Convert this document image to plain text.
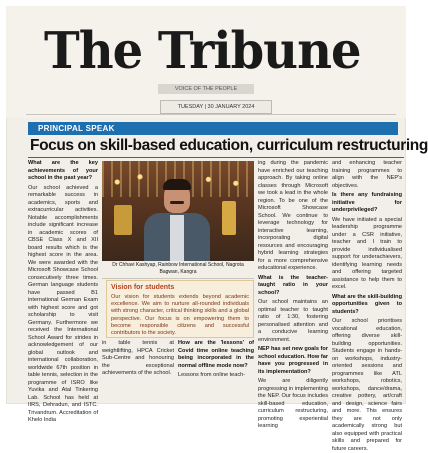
The Tribune
VOICE OF THE PEOPLE
TUESDAY | 30 JANUARY 2024
PRINCIPAL SPEAK
Focus on skill-based education, curriculum restructuring

What are the key achievements of your school in the past year?

Our school achieved a remarkable success in academics, sports and extracurricular activities. Notable accomplishments include significant increase in academic scores of CBSE Class X and XII board results which is the highest score in the area. We were awarded with the Microsoft Showcase School consecutively three times. German language students have passed B1 international German Exam with highest score and got scholarship to visit Germany. Furthermore we received the International School Award for strides in acknowledgement of our global outlook and international collaboration, worldwide 67th position in table tennis, selection in the programme of ISRO like Yuvika and Atal Tinkering Lab. School has held at IIRS, Dehradun, and ISTC. Trivandrum. Accreditation of Khelo India

Dr Chhavi Kashyap, Rainbow International School, Nagrota Bagwan, Kangra
Vision for students
Our vision for students extends beyond academic excellence. We aim to nurture all-rounded individuals with strong character, critical thinking skills and a global perspective. Our focus is on empowering them to become responsible citizens and successful contributors to the society.

in table tennis at weightlifting, HPCA Cricket Sub-Centre and honouring the exceptional achievements of the school.

How are the 'lessons' of Covid time online teaching being incorporated in the normal offline mode now?

Lessons from online teach-

ing during the pandemic have enriched our teaching approach. By taking online classes through Microsoft we took a lead in the whole region. To be one of the Microsoft Showcase School. We continue to leverage technology for interactive learning, incorporating digital resources and encouraging hybrid learning strategies for a more comprehensive educational experience.

What is the teacher-taught ratio in your school?

Our school maintains an optimal teacher to taught ratio of 1:30, fostering personalised attention and a conducive learning environment.

NEP has set new goals for school education. How far have you progressed in its implementation?

We are diligently progressing in implementing the NEP. Our focus includes skill-based education, curriculum restructuring, promoting experiential learning

and enhancing teacher training programmes to align with the NEP's objectives.

Is there any fundraising initiative for underprivileged?

We have initiated a special leadership programme under a CSR initiative, teacher and I train to provide individualised support for underachievers, identifying learning needs and offering targeted assistance to help them to excel.

What are the skill-building opportunities given to students?

Our school prioritises vocational education, offering diverse skill-building opportunities. Students engage in hands-on workshops, industry-oriented sessions and programmes like ATL workshops, robotics, workshops, dance/drama, creative pottery, art/craft and design, science fairs and more. This ensures they are not only academically strong but also equipped with practical skills and prepared for future careers.
